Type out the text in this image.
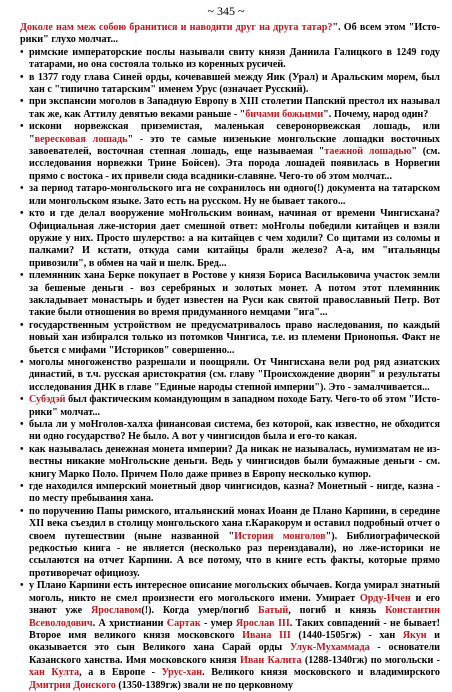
~ 345 ~

Доколе нам меж собою бранитися и наводити друг на друга татар?". Об всем этом "Историки" глухо молчат...

• римские императорские послы называли свиту князя Даниила Галицкого в 1249 году татарами, но она состояла только из коренных русичей.
• в 1377 году глава Синей орды, кочевавшей между Яик (Урал) и Аральским морем, был хан с "типично татарским" именем Урус (означает Русский).
• при экспансии моголов в Западную Европу в XIII столетии Папский престол их называл так же, как Аттилу девятью веками раньше - "бичами божьими". Почему, народ один?
• искони норвежская приземистая, маленькая северонорвежская лошадь, или "вересковая лошадь" - это те самые низенькие монгольские лошадки восточных завоевателей, восточная степная лошадь, еще называемая "таежной лошадью" (см. исследования норвежки Трине Бойсен). Эта порода лошадей появилась в Норвегии прямо с востока - их привели сюда всадники-славяне. Чего-то об этом молчат...
• за период татаро-монгольского ига не сохранилось ни одного(!) документа на татарском или монгольском языке. Зато есть на русском. Ну не бывает такого...
• кто и где делал вооружение моНгольским воинам, начиная от времени Чингисхана? Официальная лже-история дает смешной ответ: моНголы победили китайцев и взяли оружие у них. Просто шулерство: а на китайцев с чем ходили? Со щитами из соломы и палками? И кстати, откуда сами китайцы брали железо? А-а, им "итальянцы привозили", в обмен на чай и шелк. Бред...
• племянник хана Берке покупает в Ростове у князя Бориса Васильковича участок земли за бешеные деньги - воз серебряных и золотых монет. А потом этот племянник закладывает монастырь и будет известен на Руси как святой православный Петр. Вот такие были отношения во время придуманного немцами "ига"...
• государственным устройством не предусматривалось право наследования, по каждый новый хан избирался только из потомков Чингиса, т.е. из племени Прионопья. Факт не бьется с мифами "Историков" совершенно...
• моголы многоженство разрешали и поощряли. От Чингисхана вели род ряд азиатских династий, в т.ч. русская аристократия (см. главу "Происхождение дворян" и результаты исследования ДНК в главе "Единые народы степной империи"). Это - замалчивается...
• Субэдэй был фактическим командующим в западном походе Бату. Чего-то об этом "Историки" молчат...
• была ли у моНголов-халха финансовая система, без которой, как известно, не обходится ни одно государство? Не было. А вот у чингисидов была и его-то какая.
• как называлась денежная монета империи? Да никак не называлась, нумизматам не известны никакие моНгольские деньги. Ведь у чингисидов были бумажные деньги - см. книгу Марко Поло. Причем Поло даже привез в Европу несколько купюр.
• где находился имперский монетный двор чингисидов, казна? Монетный - нигде, казна - по месту пребывания хана.
• по поручению Папы римского, итальянский монах Иоанн де Плано Карпини, в середине XII века съездил в столицу монгольского хана г.Каракорум и оставил подробный отчет о своем путешествии (ныне названной "История монголов"). Библиографической редкостью книга - не является (несколько раз переиздавали), но лже-историки не ссылаются на отчет Карпини. А все потому, что в книге есть факты, которые прямо противоречат официозу.
• у Плано Карпини есть интересное описание могольских обычаев. Когда умирал знатный моголь, никто не смел произнести его могольского имени. Умирает Орду-Ичен и его знают уже Ярославом(!). Когда умер/погиб Батый, погиб и князь Константин Всеволодович. А христиании Сартак - умер Ярослав III. Таких совпадений - не бывает! Второе имя великого князя московского Ивана III (1440-1505гж) - хан Якун и оказывается это сын Великого хана Сарай орды Улук-Мухаммада - основатели Казанского ханства. Имя московского князя Иван Калита (1288-1340гж) по могольски - хан Култа, а в Европе - Урус-хан. Великого князя московского и владимирского Дмитрия Донского (1350-1389гж) звали не по церковному
